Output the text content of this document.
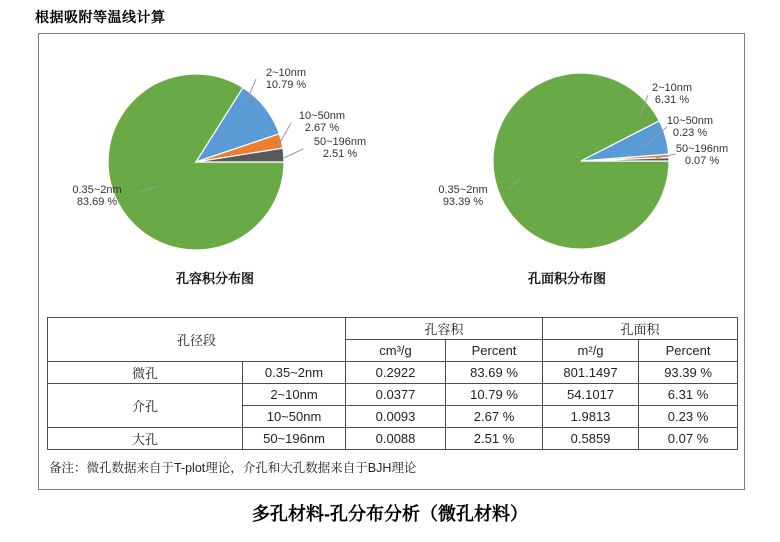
根据吸附等温线计算
2~10nm 10.79 %
10~50nm 2.67 %
50~196nm 2.51 %
0.35~2nm 83.69 %
2~10nm 6.31 %
10~50nm 0.23 %
50~196nm 0.07 %
0.35~2nm 93.39 %
孔容积分布图	孔面积分布图
孔径段		孔容积		孔面积	
		cm³/g	Percent	m²/g	Percent
微孔	0.35~2nm	0.2922	83.69 %	801.1497	93.39 %
介孔	2~10nm	0.0377	10.79 %	54.1017	6.31 %
	10~50nm	0.0093	2.67 %	1.9813	0.23 %
大孔	50~196nm	0.0088	2.51 %	0.5859	0.07 %
备注：微孔数据来自于T-plot理论，介孔和大孔数据来自于BJH理论
多孔材料-孔分布分析（微孔材料）
